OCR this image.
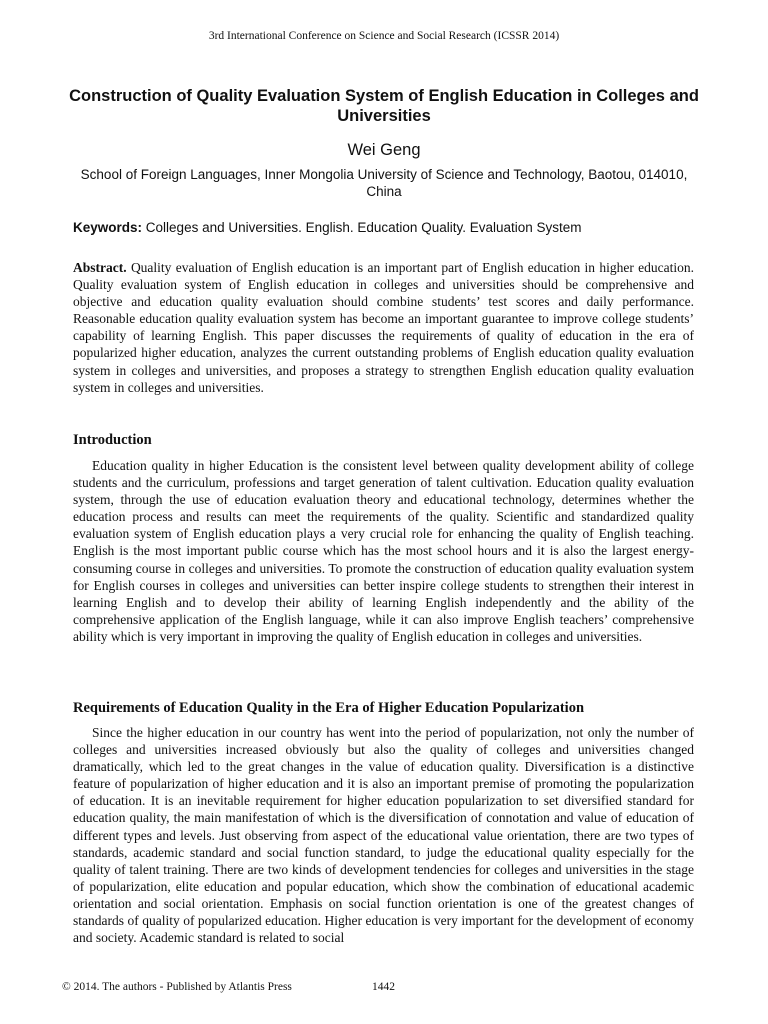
3rd International Conference on Science and Social Research (ICSSR 2014)
Construction of Quality Evaluation System of English Education in Colleges and Universities
Wei Geng
School of Foreign Languages, Inner Mongolia University of Science and Technology, Baotou, 014010, China
Keywords: Colleges and Universities. English. Education Quality. Evaluation System
Abstract. Quality evaluation of English education is an important part of English education in higher education. Quality evaluation system of English education in colleges and universities should be comprehensive and objective and education quality evaluation should combine students’ test scores and daily performance. Reasonable education quality evaluation system has become an important guarantee to improve college students’ capability of learning English. This paper discusses the requirements of quality of education in the era of popularized higher education, analyzes the current outstanding problems of English education quality evaluation system in colleges and universities, and proposes a strategy to strengthen English education quality evaluation system in colleges and universities.
Introduction

Education quality in higher Education is the consistent level between quality development ability of college students and the curriculum, professions and target generation of talent cultivation. Education quality evaluation system, through the use of education evaluation theory and educational technology, determines whether the education process and results can meet the requirements of the quality. Scientific and standardized quality evaluation system of English education plays a very crucial role for enhancing the quality of English teaching. English is the most important public course which has the most school hours and it is also the largest energy-consuming course in colleges and universities. To promote the construction of education quality evaluation system for English courses in colleges and universities can better inspire college students to strengthen their interest in learning English and to develop their ability of learning English independently and the ability of the comprehensive application of the English language, while it can also improve English teachers’ comprehensive ability which is very important in improving the quality of English education in colleges and universities.

Requirements of Education Quality in the Era of Higher Education Popularization

Since the higher education in our country has went into the period of popularization, not only the number of colleges and universities increased obviously but also the quality of colleges and universities changed dramatically, which led to the great changes in the value of education quality. Diversification is a distinctive feature of popularization of higher education and it is also an important premise of promoting the popularization of education. It is an inevitable requirement for higher education popularization to set diversified standard for education quality, the main manifestation of which is the diversification of connotation and value of education of different types and levels. Just observing from aspect of the educational value orientation, there are two types of standards, academic standard and social function standard, to judge the educational quality especially for the quality of talent training. There are two kinds of development tendencies for colleges and universities in the stage of popularization, elite education and popular education, which show the combination of educational academic orientation and social orientation. Emphasis on social function orientation is one of the greatest changes of standards of quality of popularized education. Higher education is very important for the development of economy and society. Academic standard is related to social

© 2014. The authors - Published by Atlantis Press	1442
